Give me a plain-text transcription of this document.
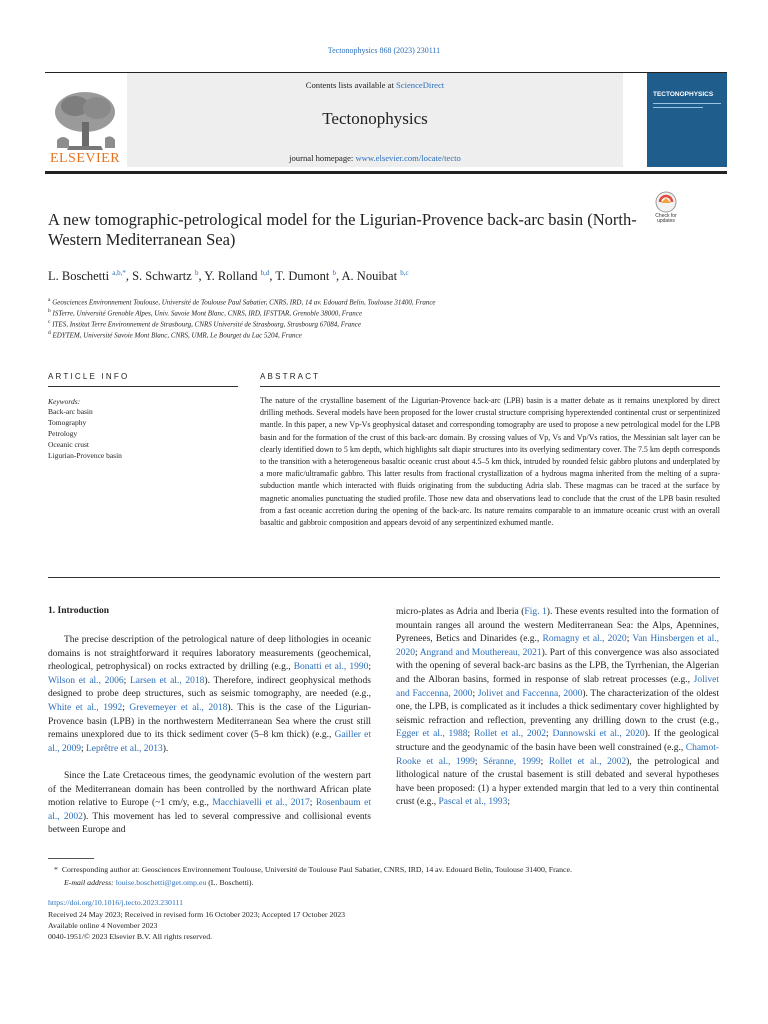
Tectonophysics 868 (2023) 230111
ELSEVIER
Contents lists available at ScienceDirect
Tectonophysics
journal homepage: www.elsevier.com/locate/tecto
TECTONOPHYSICS
A new tomographic-petrological model for the Ligurian-Provence back-arc basin (North-Western Mediterranean Sea)
Check for
updates
L. Boschetti $^{a,b,*}$, S. Schwartz $^b$, Y. Rolland $^{b,d}$, T. Dumont $^b$, A. Nouibat $^{b,c}$
$^a$ Geosciences Environnement Toulouse, Université de Toulouse Paul Sabatier, CNRS, IRD, 14 av. Edouard Belin, Toulouse 31400, France
$^b$ ISTerre, Université Grenoble Alpes, Univ. Savoie Mont Blanc, CNRS, IRD, IFSTTAR, Grenoble 38000, France
$^c$ ITES, Institut Terre Environnement de Strasbourg, CNRS Université de Strasbourg, Strasbourg 67084, France
$^d$ EDYTEM, Université Savoie Mont Blanc, CNRS, UMR, Le Bourget du Lac 5204, France
ARTICLE INFO	ABSTRACT
Keywords:
Back-arc basin
Tomography
Petrology
Oceanic crust
Ligurian-Provence basin
The nature of the crystalline basement of the Ligurian-Provence back-arc (LPB) basin is a matter debate as it remains unexplored by direct drilling methods. Several models have been proposed for the lower crustal structure comprising hyperextended continental crust or serpentinized mantle. In this paper, a new Vp-Vs geophysical dataset and corresponding tomography are used to propose a new petrological model for the LPB basin and for the formation of the crust of this back-arc domain. By crossing values of Vp, Vs and Vp/Vs ratios, the Messinian salt layer can be clearly identified down to 5 km depth, which highlights salt diapir structures into its overlying sedimentary cover. The 7.5 km depth corresponds to the transition with a heterogeneous basaltic oceanic crust about 4.5–5 km thick, intruded by rounded felsic gabbro plutons and underplated by a more mafic/ultramafic gabbro. This latter results from fractional crystallization of a hydrous magma inherited from the melting of a supra-subduction mantle which interacted with fluids originating from the subducting Adria slab. These magmas can be traced at the surface by magnetic anomalies punctuating the studied profile. Those new data and observations lead to conclude that the crust of the LPB basin resulted from a fast oceanic accretion during the opening of the back-arc. Its nature remains comparable to an immature oceanic crust with an overall basaltic and gabbroic composition and appears devoid of any serpentinized exhumed mantle.
1. Introduction
The precise description of the petrological nature of deep lithologies in oceanic domains is not straightforward it requires laboratory measurements (geochemical, rheological, petrophysical) on rocks extracted by drilling (e.g., Bonatti et al., 1990; Wilson et al., 2006; Larsen et al., 2018). Therefore, indirect geophysical methods designed to probe deep structures, such as seismic tomography, are needed (e.g., White et al., 1992; Grevemeyer et al., 2018). This is the case of the Ligurian-Provence basin (LPB) in the northwestern Mediterranean Sea where the crust still remains unexplored due to its thick sediment cover (5–8 km thick) (e.g., Gailler et al., 2009; Leprêtre et al., 2013).
Since the Late Cretaceous times, the geodynamic evolution of the western part of the Mediterranean domain has been controlled by the northward African plate motion relative to Europe (~1 cm/y, e.g., Macchiavelli et al., 2017; Rosenbaum et al., 2002). This movement has led to several compressive and collisional events between Europe and
micro-plates as Adria and Iberia (Fig. 1). These events resulted into the formation of mountain ranges all around the western Mediterranean Sea: the Alps, Apennines, Pyrenees, Betics and Dinarides (e.g., Romagny et al., 2020; Van Hinsbergen et al., 2020; Angrand and Mouthereau, 2021). Part of this convergence was also associated with the opening of several back-arc basins as the LPB, the Tyrrhenian, the Algerian and the Alboran basins, formed in response of slab retreat processes (e.g., Jolivet and Faccenna, 2000; Jolivet and Faccenna, 2000). The characterization of the oldest one, the LPB, is complicated as it includes a thick sedimentary cover highlighted by seismic refraction and reflection, preventing any drilling down to the crust (e.g., Egger et al., 1988; Rollet et al., 2002; Dannowski et al., 2020). If the geological structure and the geodynamic of the basin have been well constrained (e.g., Chamot-Rooke et al., 1999; Séranne, 1999; Rollet et al., 2002), the petrological and lithological nature of the crustal basement is still debated and several hypotheses have been proposed: (1) a hyper extended margin that led to a very thin continental crust (e.g., Pascal et al., 1993;
* Corresponding author at: Geosciences Environnement Toulouse, Université de Toulouse Paul Sabatier, CNRS, IRD, 14 av. Edouard Belin, Toulouse 31400, France.
E-mail address: louise.boschetti@get.omp.eu (L. Boschetti).
https://doi.org/10.1016/j.tecto.2023.230111
Received 24 May 2023; Received in revised form 16 October 2023; Accepted 17 October 2023
Available online 4 November 2023
0040-1951/© 2023 Elsevier B.V. All rights reserved.
